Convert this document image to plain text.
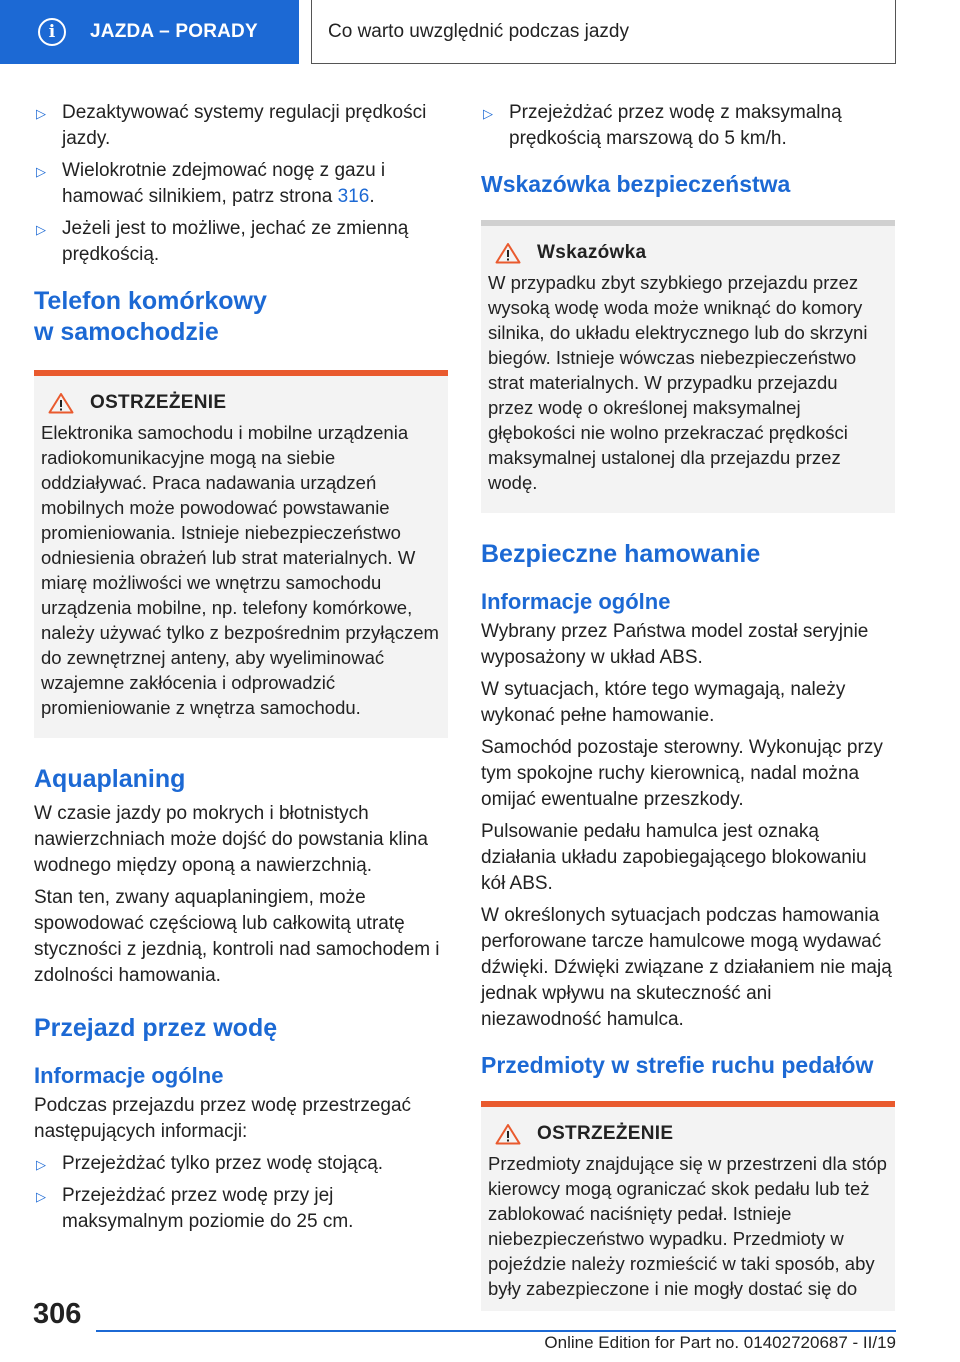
i	JAZDA – PORADY	Co warto uwzględnić podczas jazdy
▷ Dezaktywować systemy regulacji prędkości jazdy.
▷ Wielokrotnie zdejmować nogę z gazu i hamować silnikiem, patrz strona 316.
▷ Jeżeli jest to możliwe, jechać ze zmienną prędkością.
Telefon komórkowy
w samochodzie
OSTRZEŻENIE
Elektronika samochodu i mobilne urządzenia radiokomunikacyjne mogą na siebie oddziaływać. Praca nadawania urządzeń mobilnych może powodować powstawanie promieniowania. Istnieje niebezpieczeństwo odniesienia obrażeń lub strat materialnych. W miarę możliwości we wnętrzu samochodu urządzenia mobilne, np. telefony komórkowe, należy używać tylko z bezpośrednim przyłączem do zewnętrznej anteny, aby wyeliminować wzajemne zakłócenia i odprowadzić promieniowanie z wnętrza samochodu.
Aquaplaning

W czasie jazdy po mokrych i błotnistych nawierzchniach może dojść do powstania klina wodnego między oponą a nawierzchnią.

Stan ten, zwany aquaplaningiem, może spowodować częściową lub całkowitą utratę styczności z jezdnią, kontroli nad samochodem i zdolności hamowania.

Przejazd przez wodę
Informacje ogólne

Podczas przejazdu przez wodę przestrzegać następujących informacji:

▷ Przejeżdżać tylko przez wodę stojącą.
▷ Przejeżdżać przez wodę przy jej maksymalnym poziomie do 25 cm.
▷ Przejeżdżać przez wodę z maksymalną prędkością marszową do 5 km/h.
Wskazówka bezpieczeństwa
Wskazówka
W przypadku zbyt szybkiego przejazdu przez wysoką wodę woda może wniknąć do komory silnika, do układu elektrycznego lub do skrzyni biegów. Istnieje wówczas niebezpieczeństwo strat materialnych. W przypadku przejazdu przez wodę o określonej maksymalnej głębokości nie wolno przekraczać prędkości maksymalnej ustalonej dla przejazdu przez wodę.
Bezpieczne hamowanie
Informacje ogólne

Wybrany przez Państwa model został seryjnie wyposażony w układ ABS.

W sytuacjach, które tego wymagają, należy wykonać pełne hamowanie.

Samochód pozostaje sterowny. Wykonując przy tym spokojne ruchy kierownicą, nadal można omijać ewentualne przeszkody.

Pulsowanie pedału hamulca jest oznaką działania układu zapobiegającego blokowaniu kół ABS.

W określonych sytuacjach podczas hamowania perforowane tarcze hamulcowe mogą wydawać dźwięki. Dźwięki związane z działaniem nie mają jednak wpływu na skuteczność ani niezawodność hamulca.

Przedmioty w strefie ruchu pedałów
OSTRZEŻENIE
Przedmioty znajdujące się w przestrzeni dla stóp kierowcy mogą ograniczać skok pedału lub też zablokować naciśnięty pedał. Istnieje niebezpieczeństwo wypadku. Przedmioty w pojeździe należy rozmieścić w taki sposób, aby były zabezpieczone i nie mogły dostać się do
306
Online Edition for Part no. 01402720687 - II/19
